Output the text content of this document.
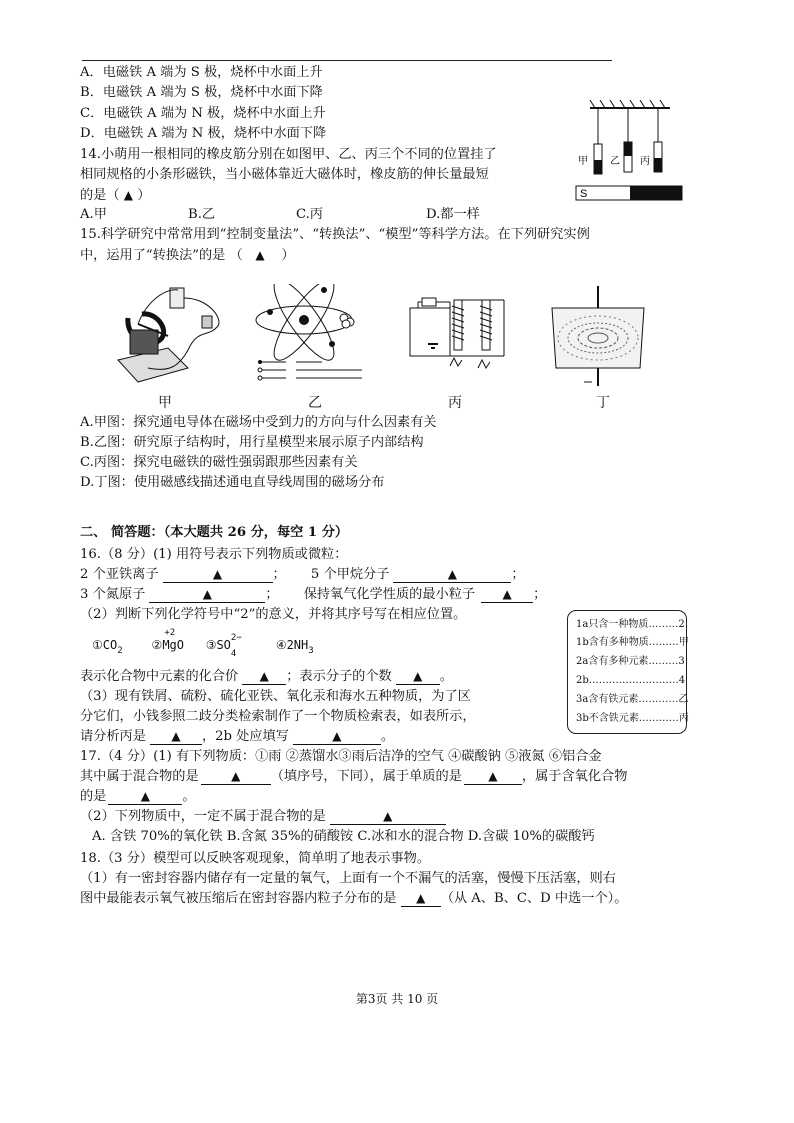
A．电磁铁 A 端为 S 极，烧杯中水面上升
B．电磁铁 A 端为 S 极，烧杯中水面下降
C．电磁铁 A 端为 N 极，烧杯中水面上升
D．电磁铁 A 端为 N 极，烧杯中水面下降
14.小萌用一根相同的橡皮筋分别在如图甲、乙、丙三个不同的位置挂了
相同规格的小条形磁铁，当小磁体靠近大磁体时，橡皮筋的伸长量最短
的是（ ▲ ）
A.甲	B.乙	C.丙	D.都一样
甲 乙 丙
S
15.科学研究中常常用到“控制变量法”、“转换法”、“模型”等科学方法。在下列研究实例
中，运用了“转换法”的是 （ ▲ ）
甲	乙	丙	丁
A.甲图：探究通电导体在磁场中受到力的方向与什么因素有关
B.乙图：研究原子结构时，用行星模型来展示原子内部结构
C.丙图：探究电磁铁的磁性强弱跟那些因素有关
D.丁图：使用磁感线描述通电直导线周围的磁场分布
二、 简答题：（本大题共 26 分，每空 1 分）
16.（8 分）(1) 用符号表示下列物质或微粒：
2 个亚铁离子	▲	；      5 个甲烷分子	▲	；
3 个氮原子	▲	；      保持氧气化学性质的最小粒子 ▲ ；
（2）判断下列化学符号中“2”的意义，并将其序号写在相应位置。
$①CO_2$ ②
+2
MgO ③SO 2−
4
$④2NH_3$
表示化合物中元素的化合价 ▲ ；表示分子的个数 ▲ 。
（3）现有铁屑、硫粉、硫化亚铁、氧化汞和海水五种物质，为了区
分它们，小钱参照二歧分类检索制作了一个物质检索表，如表所示，
请分析丙是 ▲ ，2b 处应填写	▲	。
1a只含一种物质………2
1b含有多种物质………甲
2a含有多种元素………3
2b………………………4
3a含有铁元素…………乙
3b不含铁元素…………丙
17.（4 分）(1) 有下列物质：①雨 ②蒸馏水③雨后洁净的空气 ④碳酸钠 ⑤液氮 ⑥铝合金
其中属于混合物的是	▲ （填序号，下同），属于单质的是 ▲ ，属于含氧化合物
的是	▲ 。
（2）下列物质中，一定不属于混合物的是	▲
A. 含铁 70%的氧化铁 B.含氮 35%的硝酸铵 C.冰和水的混合物 D.含碳 10%的碳酸钙
18.（3 分）模型可以反映客观现象，简单明了地表示事物。
（1）有一密封容器内储存有一定量的氧气，上面有一个不漏气的活塞，慢慢下压活塞，则右
图中最能表示氧气被压缩后在密封容器内粒子分布的是 ▲ （从 A、B、C、D 中选一个）。
第3页 共 10 页
